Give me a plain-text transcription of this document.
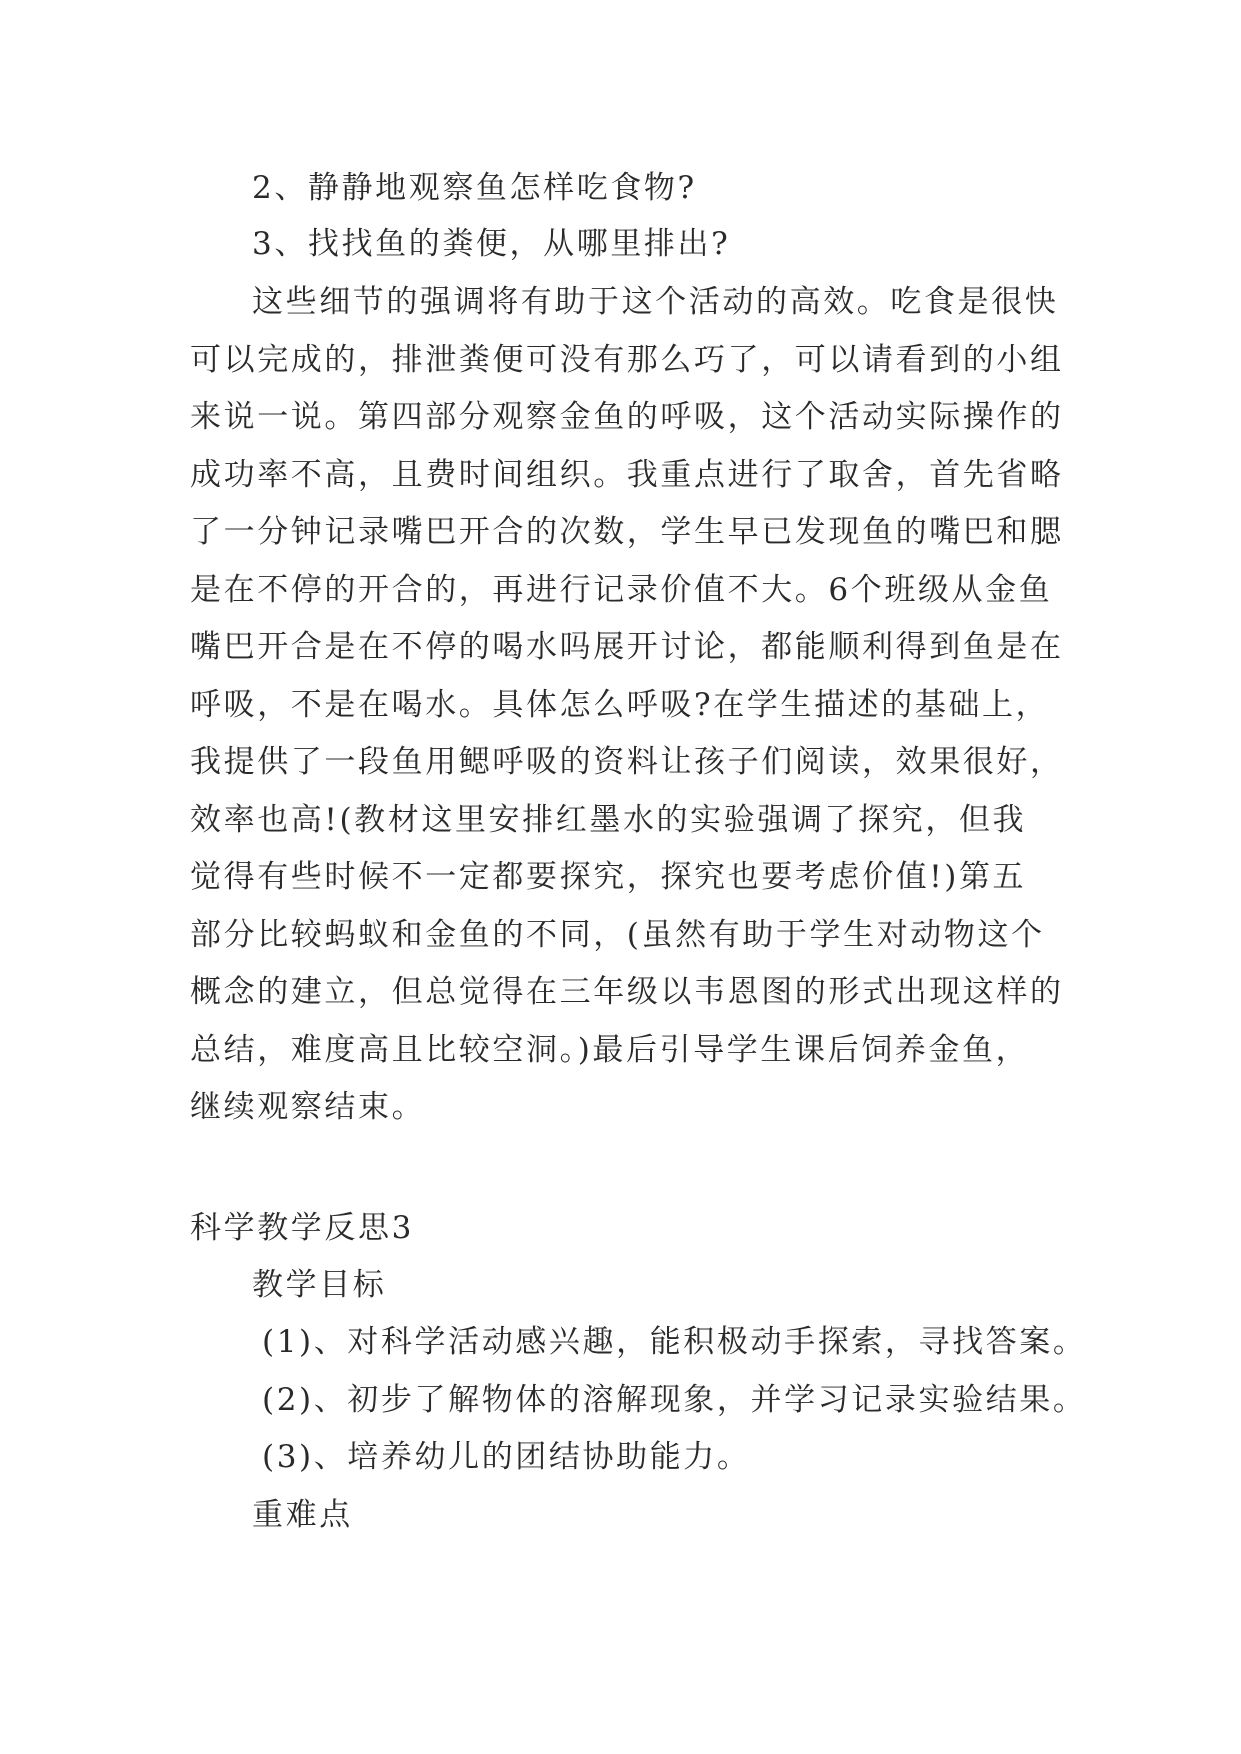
2、静静地观察鱼怎样吃食物?
3、找找鱼的粪便，从哪里排出?
这些细节的强调将有助于这个活动的高效。吃食是很快
可以完成的，排泄粪便可没有那么巧了，可以请看到的小组
来说一说。第四部分观察金鱼的呼吸，这个活动实际操作的
成功率不高，且费时间组织。我重点进行了取舍，首先省略
了一分钟记录嘴巴开合的次数，学生早已发现鱼的嘴巴和腮
是在不停的开合的，再进行记录价值不大。6个班级从金鱼
嘴巴开合是在不停的喝水吗展开讨论，都能顺利得到鱼是在
呼吸，不是在喝水。具体怎么呼吸?在学生描述的基础上，
我提供了一段鱼用鳃呼吸的资料让孩子们阅读，效果很好，
效率也高!(教材这里安排红墨水的实验强调了探究，但我
觉得有些时候不一定都要探究，探究也要考虑价值!)第五
部分比较蚂蚁和金鱼的不同，(虽然有助于学生对动物这个
概念的建立，但总觉得在三年级以韦恩图的形式出现这样的
总结，难度高且比较空洞。)最后引导学生课后饲养金鱼，
继续观察结束。
科学教学反思3
教学目标
(1)、对科学活动感兴趣，能积极动手探索，寻找答案。
(2)、初步了解物体的溶解现象，并学习记录实验结果。
(3)、培养幼儿的团结协助能力。
重难点
